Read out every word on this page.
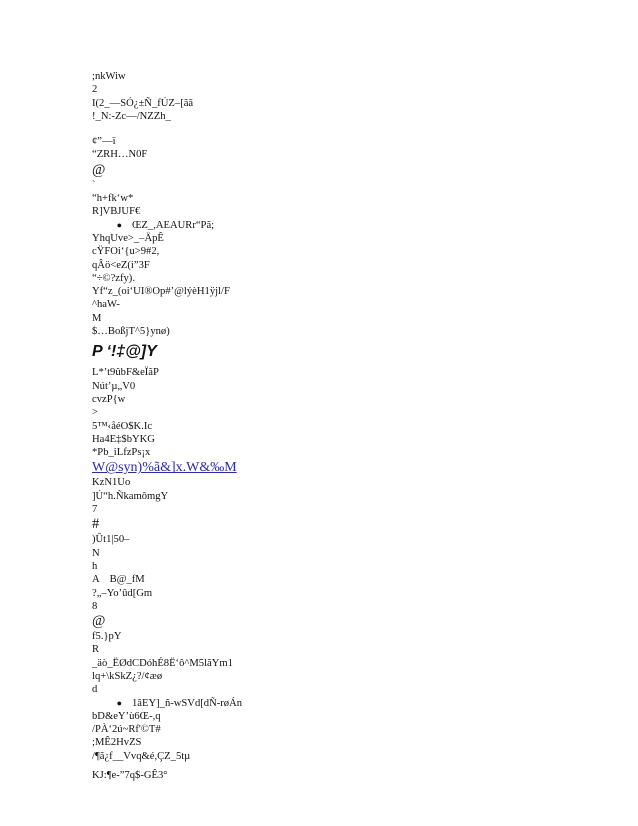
;nkWiw
2
I(2_—SÓ¿±Ñ_fÚZ–[ãã
!_N:-Zc—/NZZh_
¢”—ï
“ZRH…N0F
@
`
“h+fk‘w*
R]VBJUF€
● ŒZ_,AEAURr“Pã;
YhqUve>_–ÄpÊ
cŸFOi‘{u>9#2,
qÂö<eZ(i”3F
“÷©?zfy).
Yf“z_(oi‘UI®Op#’@lýèH1ÿjl/F
^haW-
M
$…BoßjT^5}ynø)
P ‘!‡@]Y
L*’t9ûbF&eÏãP
Nút’µ„V0
cvzP{w
>
5™‹åéO$K.Ic
Ha4E‡$bYKG
*Pb_iLfzPs¡x
W@syn)%ã&]x.W&‰M
KzN1Uo
]Ú“h.ÑkamômgY
7
#
)Ût1|50–
N
h
A    B@_fM
?„–Yo’ûd[Gm
8
@
f5.}pY
R
_äò_ЁØdCDóhÉ8Ë‘ô^M5lãYm1
lq+\kSkZ¿?/¢æø
d
● 1âEY]_ñ-wSVd[dÑ-røÁn
bD&eY’ù6Œ-,q
/PÀ‘2ú~Rf'©T#
;MÊ2HvZS
/¶ã¿f__Vvq&é,ÇZ_5tµ
KJ:¶e-”7q$-GÊ3°
